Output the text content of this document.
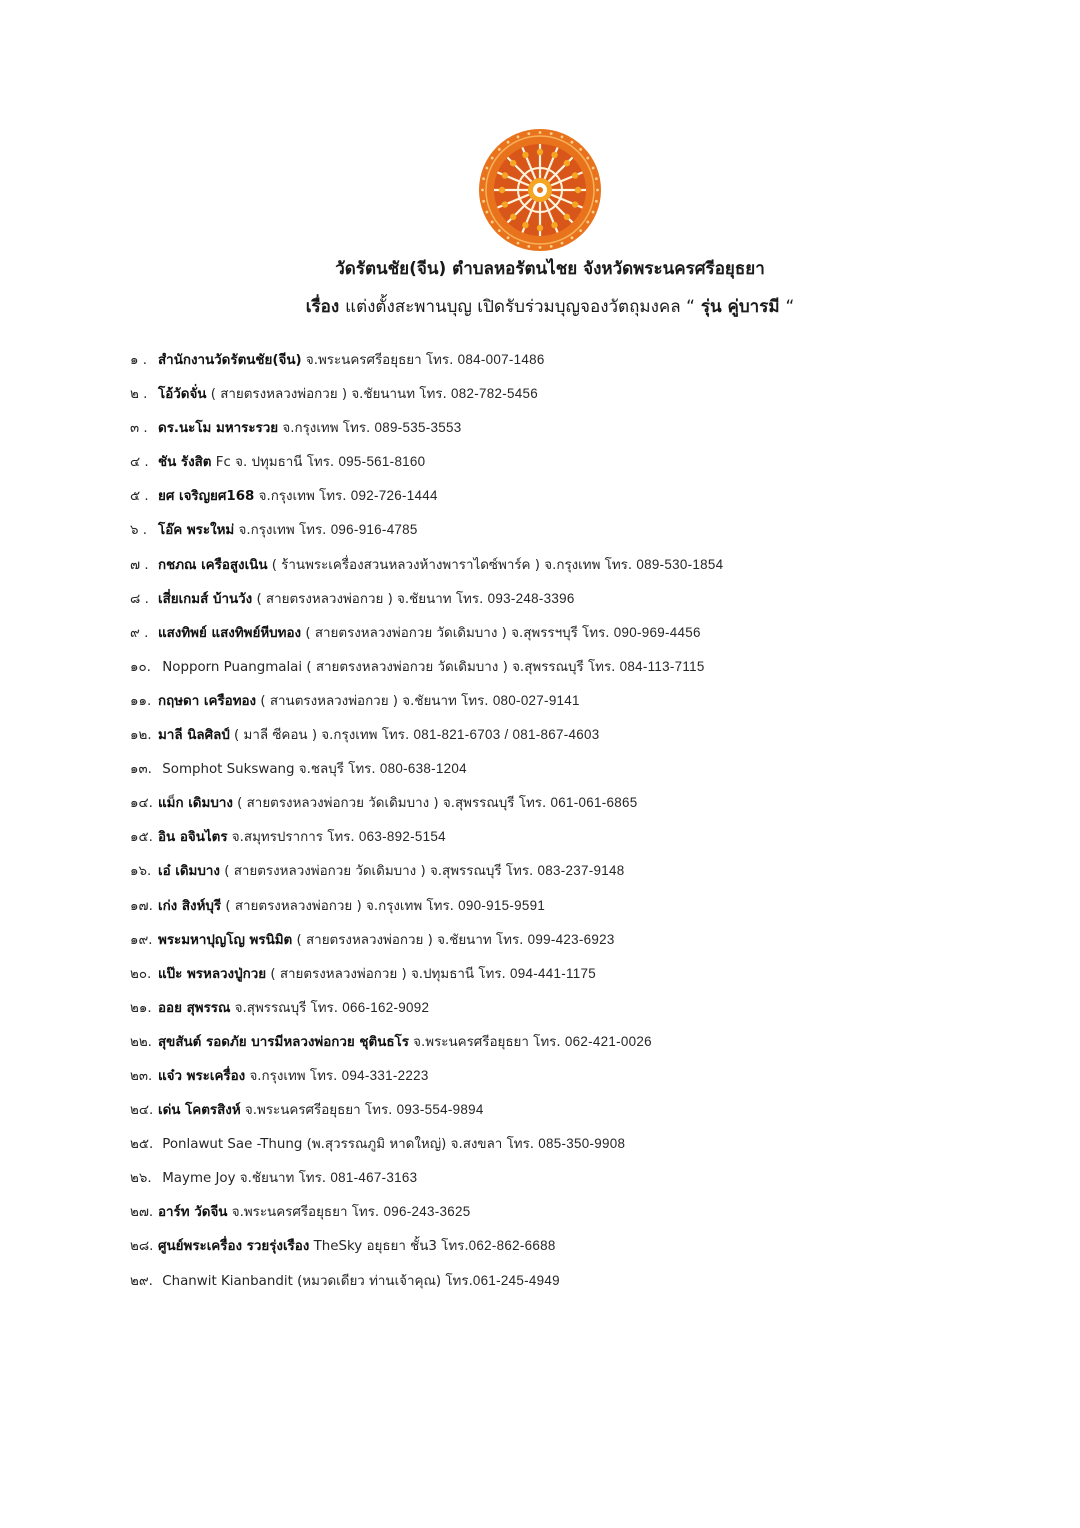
วัดรัตนชัย(จีน) ตำบลหอรัตนไชย จังหวัดพระนครศรีอยุธยา
เรื่อง แต่งตั้งสะพานบุญ เปิดรับร่วมบุญจองวัตถุมงคล “ รุ่น คู่บารมี “
๑ . สำนักงานวัดรัตนชัย(จีน) จ.พระนครศรีอยุธยา โทร. 084-007-1486
๒ . โอ้วัดจั่น ( สายตรงหลวงพ่อกวย ) จ.ชัยนานท โทร. 082-782-5456
๓ . ดร.นะโม มหาระรวย จ.กรุงเทพ โทร. 089-535-3553
๔ . ชัน รังสิต Fc จ. ปทุมธานี โทร. 095-561-8160
๕ . ยศ เจริญยศ168 จ.กรุงเทพ โทร. 092-726-1444
๖ . โอ๊ค พระใหม่ จ.กรุงเทพ โทร. 096-916-4785
๗ . กชภณ เครือสูงเนิน ( ร้านพระเครื่องสวนหลวงห้างพาราไดซ์พาร์ค ) จ.กรุงเทพ โทร. 089-530-1854
๘ . เสี่ยเกมส์ บ้านวัง ( สายตรงหลวงพ่อกวย ) จ.ชัยนาท โทร. 093-248-3396
๙ . แสงทิพย์ แสงทิพย์หีบทอง ( สายตรงหลวงพ่อกวย วัดเดิมบาง ) จ.สุพรรฯบุรี โทร. 090-969-4456
๑๐. Nopporn Puangmalai ( สายตรงหลวงพ่อกวย วัดเดิมบาง ) จ.สุพรรณบุรี โทร. 084-113-7115
๑๑. กฤษดา เครือทอง ( สานตรงหลวงพ่อกวย ) จ.ชัยนาท โทร. 080-027-9141
๑๒. มาลี นิลศิลป์ ( มาลี ซีคอน ) จ.กรุงเทพ โทร. 081-821-6703 / 081-867-4603
๑๓. Somphot Sukswang จ.ชลบุรี โทร. 080-638-1204
๑๔. แม็ก เดิมบาง ( สายตรงหลวงพ่อกวย วัดเดิมบาง ) จ.สุพรรณบุรี โทร. 061-061-6865
๑๕. อิน อจินไตร จ.สมุทรปราการ โทร. 063-892-5154
๑๖. เอ๋ เดิมบาง ( สายตรงหลวงพ่อกวย วัดเดิมบาง ) จ.สุพรรณบุรี โทร. 083-237-9148
๑๗. เก่ง สิงห์บุรี ( สายตรงหลวงพ่อกวย ) จ.กรุงเทพ โทร. 090-915-9591
๑๙. พระมหาปุญโญ พรนิมิต ( สายตรงหลวงพ่อกวย ) จ.ชัยนาท โทร. 099-423-6923
๒๐. แป๊ะ พรหลวงปู่กวย ( สายตรงหลวงพ่อกวย ) จ.ปทุมธานี โทร. 094-441-1175
๒๑. ออย สุพรรณ จ.สุพรรณบุรี โทร. 066-162-9092
๒๒. สุขสันต์ รอดภัย บารมีหลวงพ่อกวย ชุตินธโร จ.พระนครศรีอยุธยา โทร. 062-421-0026
๒๓. แจ๋ว พระเครื่อง จ.กรุงเทพ โทร. 094-331-2223
๒๔. เด่น โคตรสิงห์ จ.พระนครศรีอยุธยา โทร. 093-554-9894
๒๕. Ponlawut Sae -Thung (พ.สุวรรณภูมิ หาดใหญ่) จ.สงขลา โทร. 085-350-9908
๒๖. Mayme Joy จ.ชัยนาท โทร. 081-467-3163
๒๗. อาร์ท วัดจีน จ.พระนครศรีอยุธยา โทร. 096-243-3625
๒๘. ศูนย์พระเครื่อง รวยรุ่งเรือง TheSky อยุธยา ชั้น3 โทร.062-862-6688
๒๙. Chanwit Kianbandit (หมวดเดียว ท่านเจ้าคุณ) โทร.061-245-4949
